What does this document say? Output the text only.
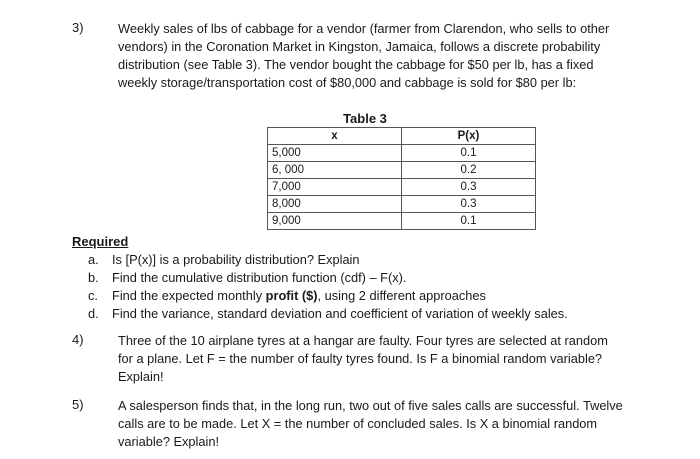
3)	Weekly sales of lbs of cabbage for a vendor (farmer from Clarendon, who sells to other
vendors) in the Coronation Market in Kingston, Jamaica, follows a discrete probability
distribution (see Table 3). The vendor bought the cabbage for $50 per lb, has a fixed
weekly storage/transportation cost of $80,000 and cabbage is sold for $80 per lb:
Table 3
x	P(x)
5,000	0.1
6, 000	0.2
7,000	0.3
8,000	0.3
9,000	0.1
Required
a.	Is [P(x)] is a probability distribution? Explain
b.	Find the cumulative distribution function (cdf) – F(x).
c.	Find the expected monthly profit ($), using 2 different approaches
d.	Find the variance, standard deviation and coefficient of variation of weekly sales.
4)	Three of the 10 airplane tyres at a hangar are faulty. Four tyres are selected at random
for a plane. Let F = the number of faulty tyres found. Is F a binomial random variable?
Explain!
5)	A salesperson finds that, in the long run, two out of five sales calls are successful. Twelve
calls are to be made. Let X = the number of concluded sales. Is X a binomial random
variable? Explain!
